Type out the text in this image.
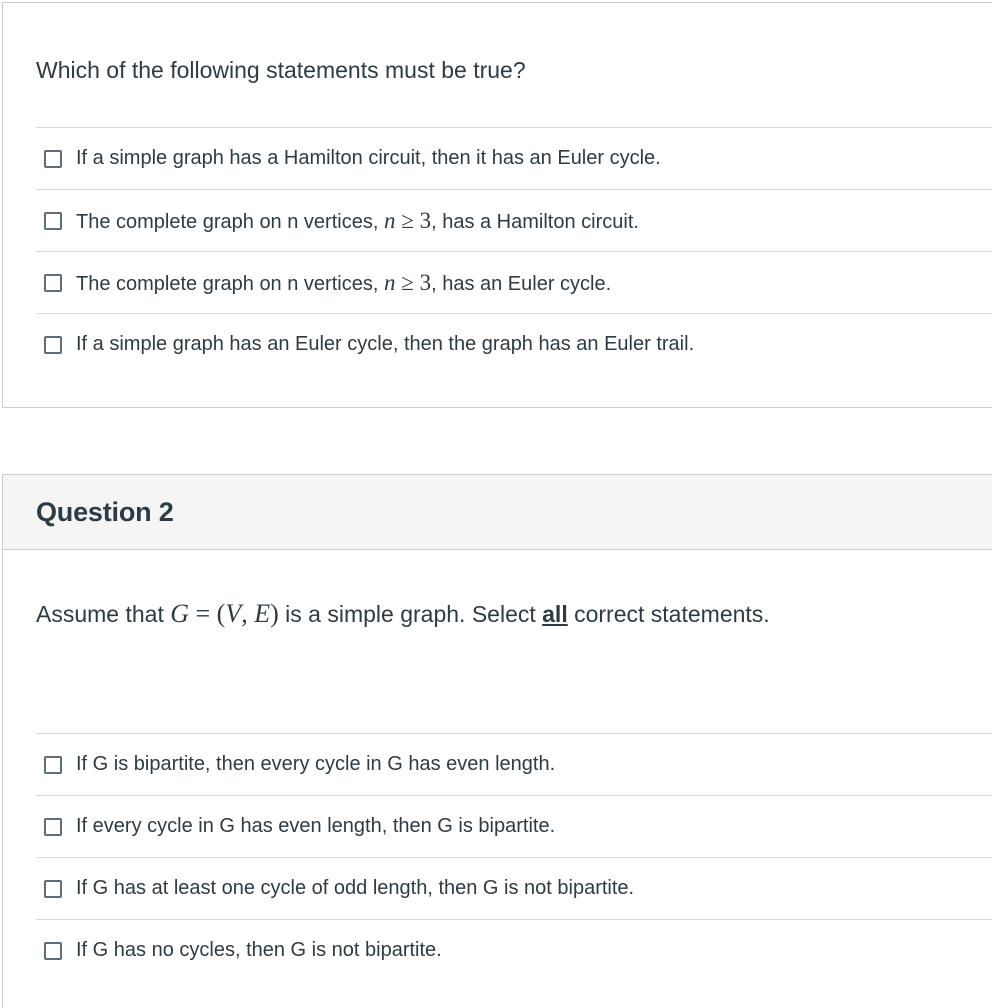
Which of the following statements must be true?

If a simple graph has a Hamilton circuit, then it has an Euler cycle.
The complete graph on n vertices, n ≥ 3, has a Hamilton circuit.
The complete graph on n vertices, n ≥ 3, has an Euler cycle.
If a simple graph has an Euler cycle, then the graph has an Euler trail.
Question 2

Assume that G = (V, E) is a simple graph. Select all correct statements.

If G is bipartite, then every cycle in G has even length.
If every cycle in G has even length, then G is bipartite.
If G has at least one cycle of odd length, then G is not bipartite.
If G has no cycles, then G is not bipartite.
